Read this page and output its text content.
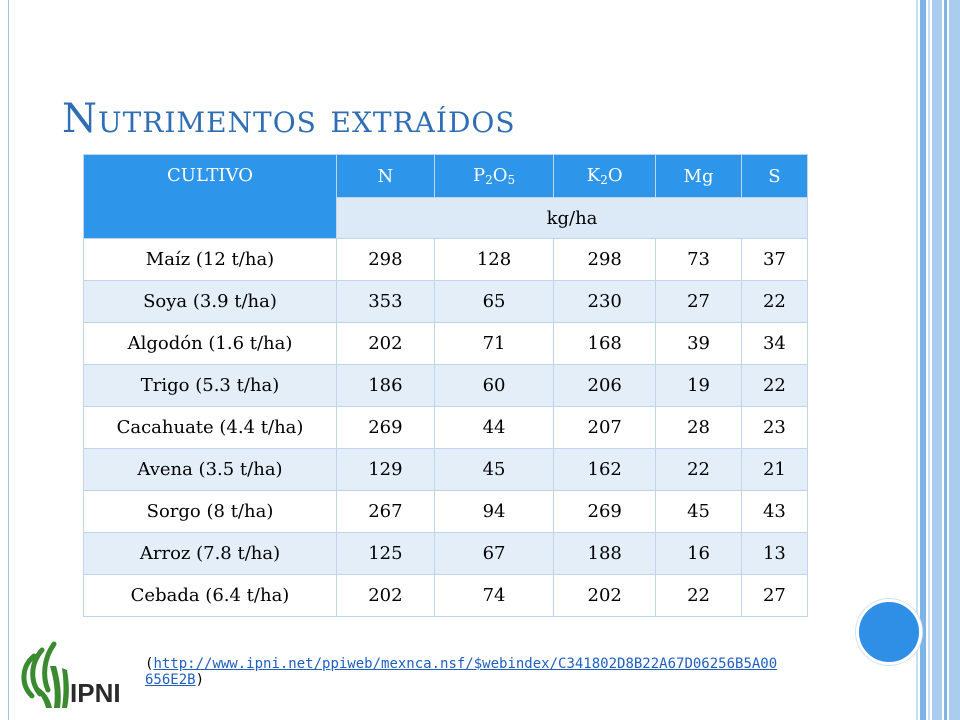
Nutrimentos extraídos
CULTIVO	N	$P_2O_5$	$K_2O$	Mg	S
	kg/ha				
Maíz (12 t/ha)	298	128	298	73	37
Soya (3.9 t/ha)	353	65	230	27	22
Algodón (1.6 t/ha)	202	71	168	39	34
Trigo (5.3 t/ha)	186	60	206	19	22
Cacahuate (4.4 t/ha)	269	44	207	28	23
Avena (3.5 t/ha)	129	45	162	22	21
Sorgo (8 t/ha)	267	94	269	45	43
Arroz (7.8 t/ha)	125	67	188	16	13
Cebada (6.4 t/ha)	202	74	202	22	27
IPNI
(http://www.ipni.net/ppiweb/mexnca.nsf/$webindex/C341802D8B22A67D06256B5A00656E2B)
